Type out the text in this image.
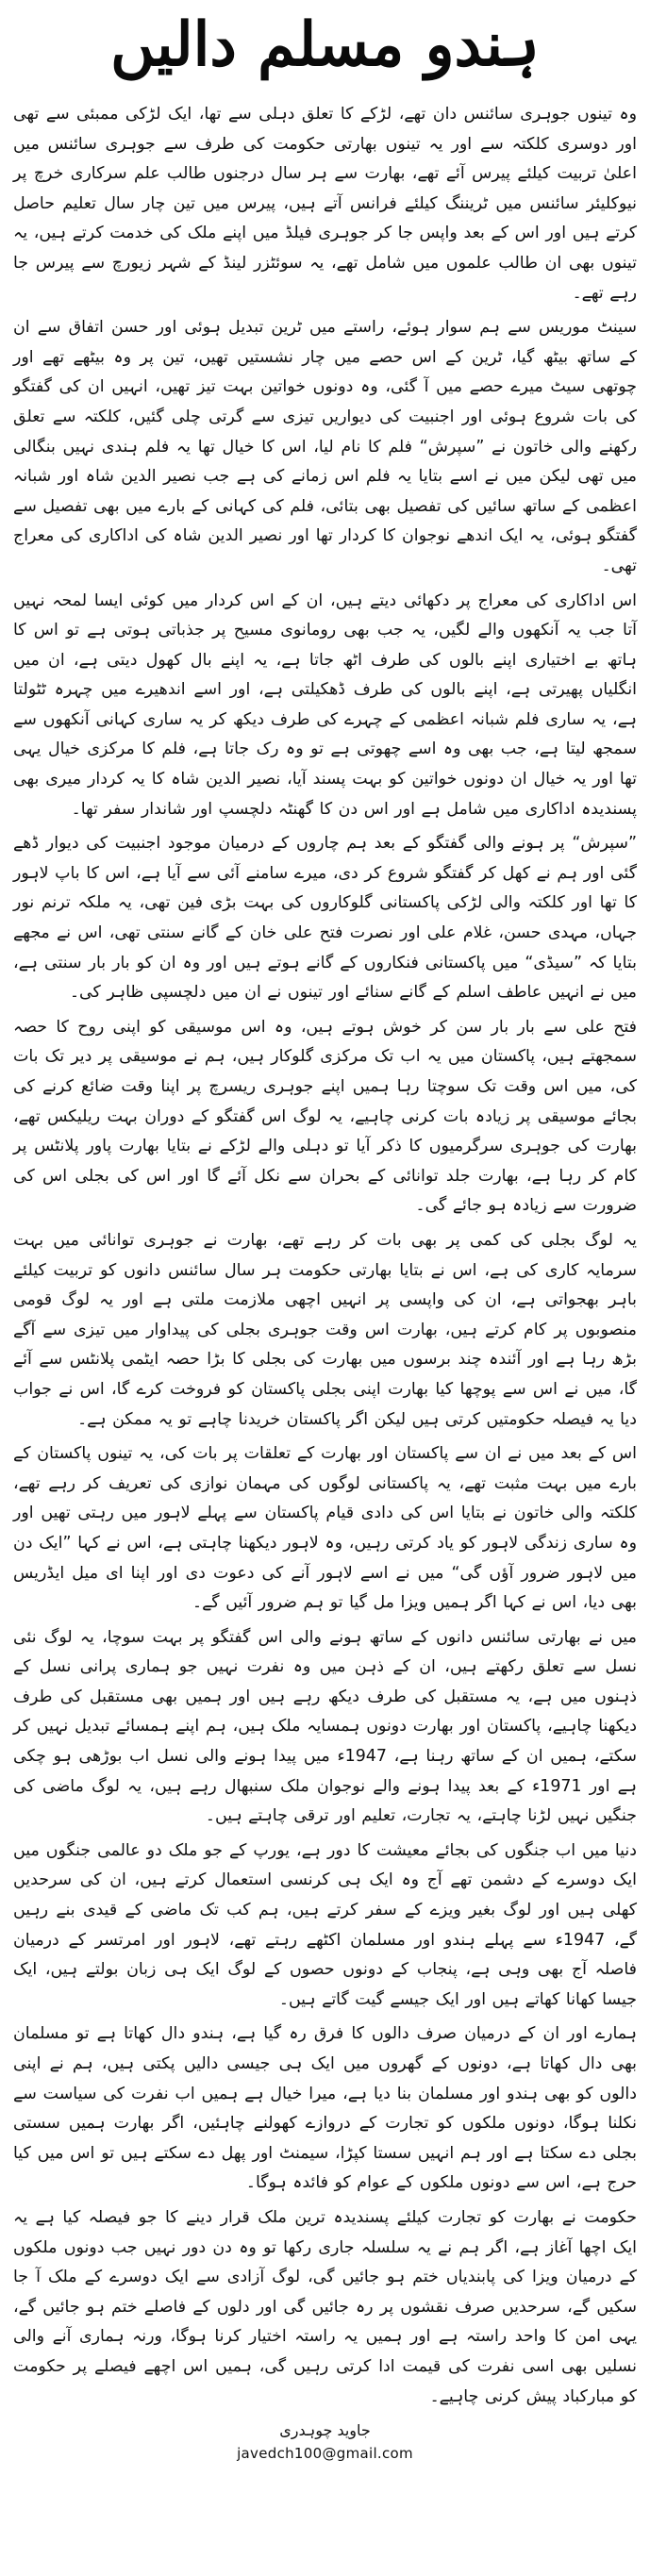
ہندو مسلم دالیں

وہ تینوں جوہری سائنس دان تھے، لڑکے کا تعلق دہلی سے تھا، ایک لڑکی ممبئی سے تھی اور دوسری کلکتہ سے اور یہ تینوں بھارتی حکومت کی طرف سے جوہری سائنس میں اعلیٰ تربیت کیلئے پیرس آئے تھے، بھارت سے ہر سال درجنوں طالب علم سرکاری خرچ پر نیوکلیئر سائنس میں ٹریننگ کیلئے فرانس آتے ہیں، پیرس میں تین چار سال تعلیم حاصل کرتے ہیں اور اس کے بعد واپس جا کر جوہری فیلڈ میں اپنے ملک کی خدمت کرتے ہیں، یہ تینوں بھی ان طالب علموں میں شامل تھے، یہ سوئٹزر لینڈ کے شہر زیورچ سے پیرس جا رہے تھے۔

سینٹ موریس سے ہم سوار ہوئے، راستے میں ٹرین تبدیل ہوئی اور حسن اتفاق سے ان کے ساتھ بیٹھ گیا، ٹرین کے اس حصے میں چار نشستیں تھیں، تین پر وہ بیٹھے تھے اور چوتھی سیٹ میرے حصے میں آ گئی، وہ دونوں خواتین بہت تیز تھیں، انہیں ان کی گفتگو کی بات شروع ہوئی اور اجنبیت کی دیواریں تیزی سے گرتی چلی گئیں، کلکتہ سے تعلق رکھنے والی خاتون نے ”سپرش“ فلم کا نام لیا، اس کا خیال تھا یہ فلم ہندی نہیں بنگالی میں تھی لیکن میں نے اسے بتایا یہ فلم اس زمانے کی ہے جب نصیر الدین شاہ اور شبانہ اعظمی کے ساتھ سائیں کی تفصیل بھی بتائی، فلم کی کہانی کے بارے میں بھی تفصیل سے گفتگو ہوئی، یہ ایک اندھے نوجوان کا کردار تھا اور نصیر الدین شاہ کی اداکاری کی معراج تھی۔

اس اداکاری کی معراج پر دکھائی دیتے ہیں، ان کے اس کردار میں کوئی ایسا لمحہ نہیں آتا جب یہ آنکھوں والے لگیں، یہ جب بھی رومانوی مسیح پر جذباتی ہوتی ہے تو اس کا ہاتھ بے اختیاری اپنے بالوں کی طرف اٹھ جاتا ہے، یہ اپنے بال کھول دیتی ہے، ان میں انگلیاں پھیرتی ہے، اپنے بالوں کی طرف ڈھکیلتی ہے، اور اسے اندھیرے میں چہرہ ٹٹولتا ہے، یہ ساری فلم شبانہ اعظمی کے چہرے کی طرف دیکھ کر یہ ساری کہانی آنکھوں سے سمجھ لیتا ہے، جب بھی وہ اسے چھوتی ہے تو وہ رک جاتا ہے، فلم کا مرکزی خیال یہی تھا اور یہ خیال ان دونوں خواتین کو بہت پسند آیا، نصیر الدین شاہ کا یہ کردار میری بھی پسندیدہ اداکاری میں شامل ہے اور اس دن کا گھنٹہ دلچسپ اور شاندار سفر تھا۔

”سپرش“ پر ہونے والی گفتگو کے بعد ہم چاروں کے درمیان موجود اجنبیت کی دیوار ڈھے گئی اور ہم نے کھل کر گفتگو شروع کر دی، میرے سامنے آئی سے آیا ہے، اس کا باپ لاہور کا تھا اور کلکتہ والی لڑکی پاکستانی گلوکاروں کی بہت بڑی فین تھی، یہ ملکہ ترنم نور جہاں، مہدی حسن، غلام علی اور نصرت فتح علی خان کے گانے سنتی تھی، اس نے مجھے بتایا کہ ”سیڈی“ میں پاکستانی فنکاروں کے گانے ہوتے ہیں اور وہ ان کو بار بار سنتی ہے، میں نے انہیں عاطف اسلم کے گانے سنائے اور تینوں نے ان میں دلچسپی ظاہر کی۔

فتح علی سے بار بار سن کر خوش ہوتے ہیں، وہ اس موسیقی کو اپنی روح کا حصہ سمجھتے ہیں، پاکستان میں یہ اب تک مرکزی گلوکار ہیں، ہم نے موسیقی پر دیر تک بات کی، میں اس وقت تک سوچتا رہا ہمیں اپنے جوہری ریسرچ پر اپنا وقت ضائع کرنے کی بجائے موسیقی پر زیادہ بات کرنی چاہیے، یہ لوگ اس گفتگو کے دوران بہت ریلیکس تھے، بھارت کی جوہری سرگرمیوں کا ذکر آیا تو دہلی والے لڑکے نے بتایا بھارت پاور پلانٹس پر کام کر رہا ہے، بھارت جلد توانائی کے بحران سے نکل آئے گا اور اس کی بجلی اس کی ضرورت سے زیادہ ہو جائے گی۔

یہ لوگ بجلی کی کمی پر بھی بات کر رہے تھے، بھارت نے جوہری توانائی میں بہت سرمایہ کاری کی ہے، اس نے بتایا بھارتی حکومت ہر سال سائنس دانوں کو تربیت کیلئے باہر بھجواتی ہے، ان کی واپسی پر انہیں اچھی ملازمت ملتی ہے اور یہ لوگ قومی منصوبوں پر کام کرتے ہیں، بھارت اس وقت جوہری بجلی کی پیداوار میں تیزی سے آگے بڑھ رہا ہے اور آئندہ چند برسوں میں بھارت کی بجلی کا بڑا حصہ ایٹمی پلانٹس سے آئے گا، میں نے اس سے پوچھا کیا بھارت اپنی بجلی پاکستان کو فروخت کرے گا، اس نے جواب دیا یہ فیصلہ حکومتیں کرتی ہیں لیکن اگر پاکستان خریدنا چاہے تو یہ ممکن ہے۔

اس کے بعد میں نے ان سے پاکستان اور بھارت کے تعلقات پر بات کی، یہ تینوں پاکستان کے بارے میں بہت مثبت تھے، یہ پاکستانی لوگوں کی مہمان نوازی کی تعریف کر رہے تھے، کلکتہ والی خاتون نے بتایا اس کی دادی قیام پاکستان سے پہلے لاہور میں رہتی تھیں اور وہ ساری زندگی لاہور کو یاد کرتی رہیں، وہ لاہور دیکھنا چاہتی ہے، اس نے کہا ”ایک دن میں لاہور ضرور آؤں گی“ میں نے اسے لاہور آنے کی دعوت دی اور اپنا ای میل ایڈریس بھی دیا، اس نے کہا اگر ہمیں ویزا مل گیا تو ہم ضرور آئیں گے۔

میں نے بھارتی سائنس دانوں کے ساتھ ہونے والی اس گفتگو پر بہت سوچا، یہ لوگ نئی نسل سے تعلق رکھتے ہیں، ان کے ذہن میں وہ نفرت نہیں جو ہماری پرانی نسل کے ذہنوں میں ہے، یہ مستقبل کی طرف دیکھ رہے ہیں اور ہمیں بھی مستقبل کی طرف دیکھنا چاہیے، پاکستان اور بھارت دونوں ہمسایہ ملک ہیں، ہم اپنے ہمسائے تبدیل نہیں کر سکتے، ہمیں ان کے ساتھ رہنا ہے، 1947ء میں پیدا ہونے والی نسل اب بوڑھی ہو چکی ہے اور 1971ء کے بعد پیدا ہونے والے نوجوان ملک سنبھال رہے ہیں، یہ لوگ ماضی کی جنگیں نہیں لڑنا چاہتے، یہ تجارت، تعلیم اور ترقی چاہتے ہیں۔

دنیا میں اب جنگوں کی بجائے معیشت کا دور ہے، یورپ کے جو ملک دو عالمی جنگوں میں ایک دوسرے کے دشمن تھے آج وہ ایک ہی کرنسی استعمال کرتے ہیں، ان کی سرحدیں کھلی ہیں اور لوگ بغیر ویزے کے سفر کرتے ہیں، ہم کب تک ماضی کے قیدی بنے رہیں گے، 1947ء سے پہلے ہندو اور مسلمان اکٹھے رہتے تھے، لاہور اور امرتسر کے درمیان فاصلہ آج بھی وہی ہے، پنجاب کے دونوں حصوں کے لوگ ایک ہی زبان بولتے ہیں، ایک جیسا کھانا کھاتے ہیں اور ایک جیسے گیت گاتے ہیں۔

ہمارے اور ان کے درمیان صرف دالوں کا فرق رہ گیا ہے، ہندو دال کھاتا ہے تو مسلمان بھی دال کھاتا ہے، دونوں کے گھروں میں ایک ہی جیسی دالیں پکتی ہیں، ہم نے اپنی دالوں کو بھی ہندو اور مسلمان بنا دیا ہے، میرا خیال ہے ہمیں اب نفرت کی سیاست سے نکلنا ہوگا، دونوں ملکوں کو تجارت کے دروازے کھولنے چاہئیں، اگر بھارت ہمیں سستی بجلی دے سکتا ہے اور ہم انہیں سستا کپڑا، سیمنٹ اور پھل دے سکتے ہیں تو اس میں کیا حرج ہے، اس سے دونوں ملکوں کے عوام کو فائدہ ہوگا۔

حکومت نے بھارت کو تجارت کیلئے پسندیدہ ترین ملک قرار دینے کا جو فیصلہ کیا ہے یہ ایک اچھا آغاز ہے، اگر ہم نے یہ سلسلہ جاری رکھا تو وہ دن دور نہیں جب دونوں ملکوں کے درمیان ویزا کی پابندیاں ختم ہو جائیں گی، لوگ آزادی سے ایک دوسرے کے ملک آ جا سکیں گے، سرحدیں صرف نقشوں پر رہ جائیں گی اور دلوں کے فاصلے ختم ہو جائیں گے، یہی امن کا واحد راستہ ہے اور ہمیں یہ راستہ اختیار کرنا ہوگا، ورنہ ہماری آنے والی نسلیں بھی اسی نفرت کی قیمت ادا کرتی رہیں گی، ہمیں اس اچھے فیصلے پر حکومت کو مبارکباد پیش کرنی چاہیے۔

جاوید چوہدری
javedch100@gmail.com
